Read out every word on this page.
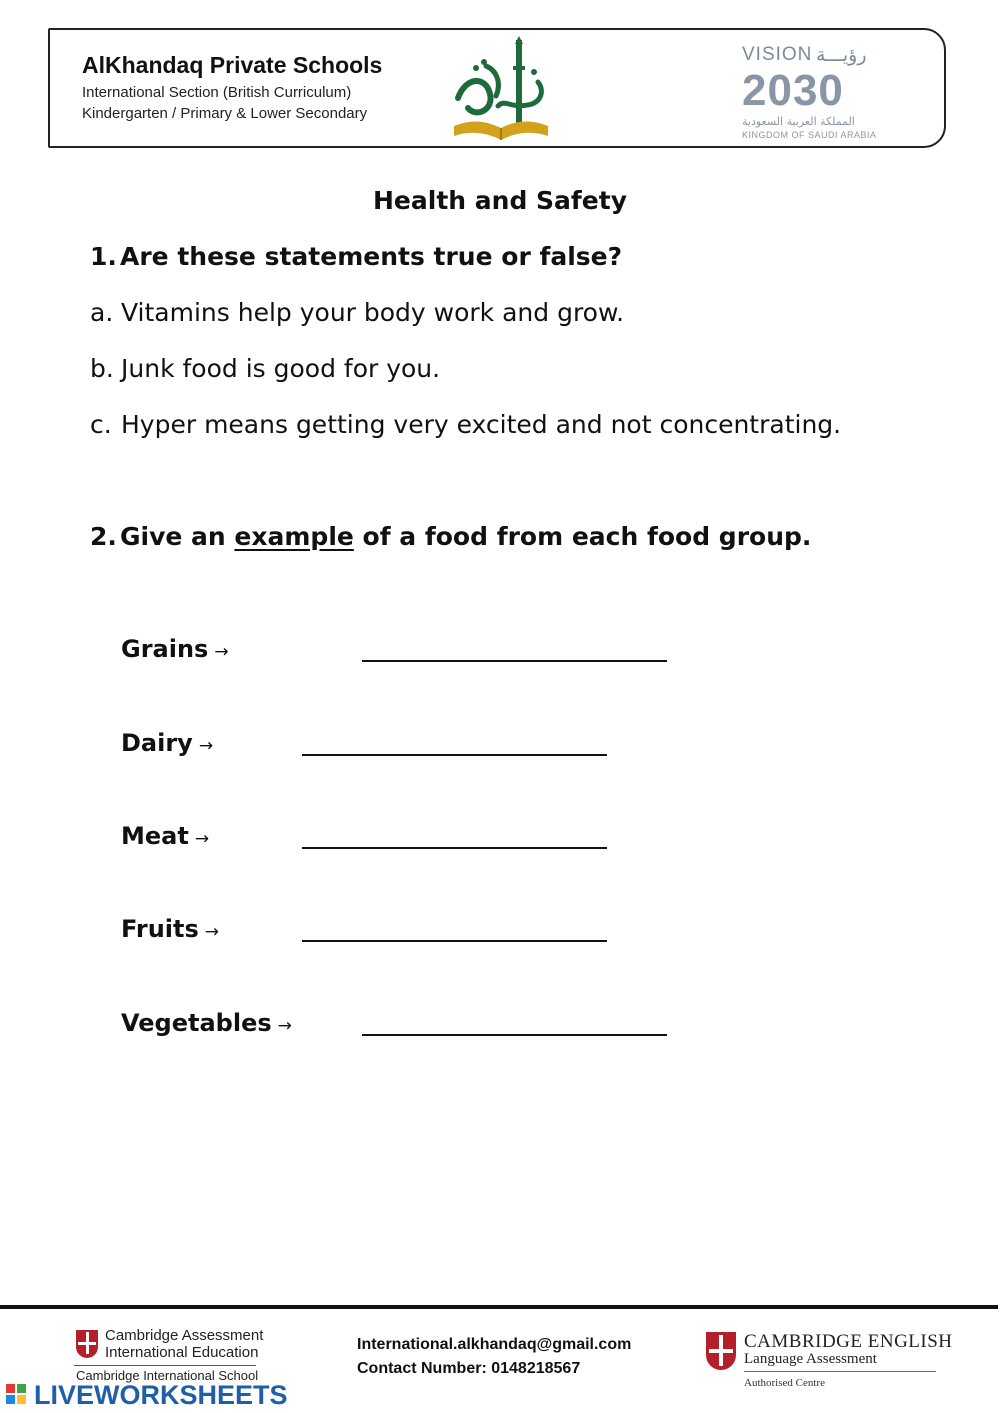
AlKhandaq Private Schools
International Section (British Curriculum)
Kindergarten / Primary & Lower Secondary
VISION رؤيـــة
2030
المملكة العربية السعودية
KINGDOM OF SAUDI ARABIA
Health and Safety
1. Are these statements true or false?
a. Vitamins help your body work and grow.
b. Junk food is good for you.
c. Hyper means getting very excited and not concentrating.
2. Give an example of a food from each food group.
Grains →
Dairy →
Meat →
Fruits →
Vegetables →
Cambridge Assessment
International Education
Cambridge International School
International.alkhandaq@gmail.com
Contact Number: 0148218567
CAMBRIDGE ENGLISH
Language Assessment
Authorised Centre
LIVEWORKSHEETS
